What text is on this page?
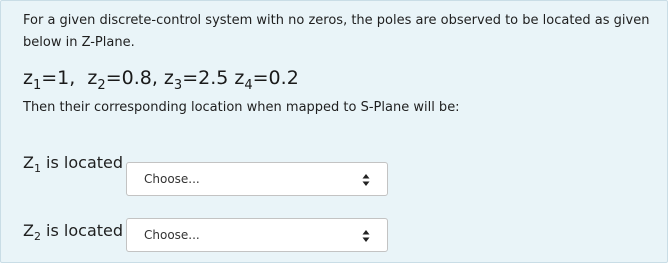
For a given discrete-control system with no zeros, the poles are observed to be located as given
below in Z-Plane.
$z_1=1$, $z_2=0.8$, $z_3=2.5$ $z_4=0.2$
Then their corresponding location when mapped to S-Plane will be:
$Z_1$ is located
Choose...
$Z_2$ is located Choose...
